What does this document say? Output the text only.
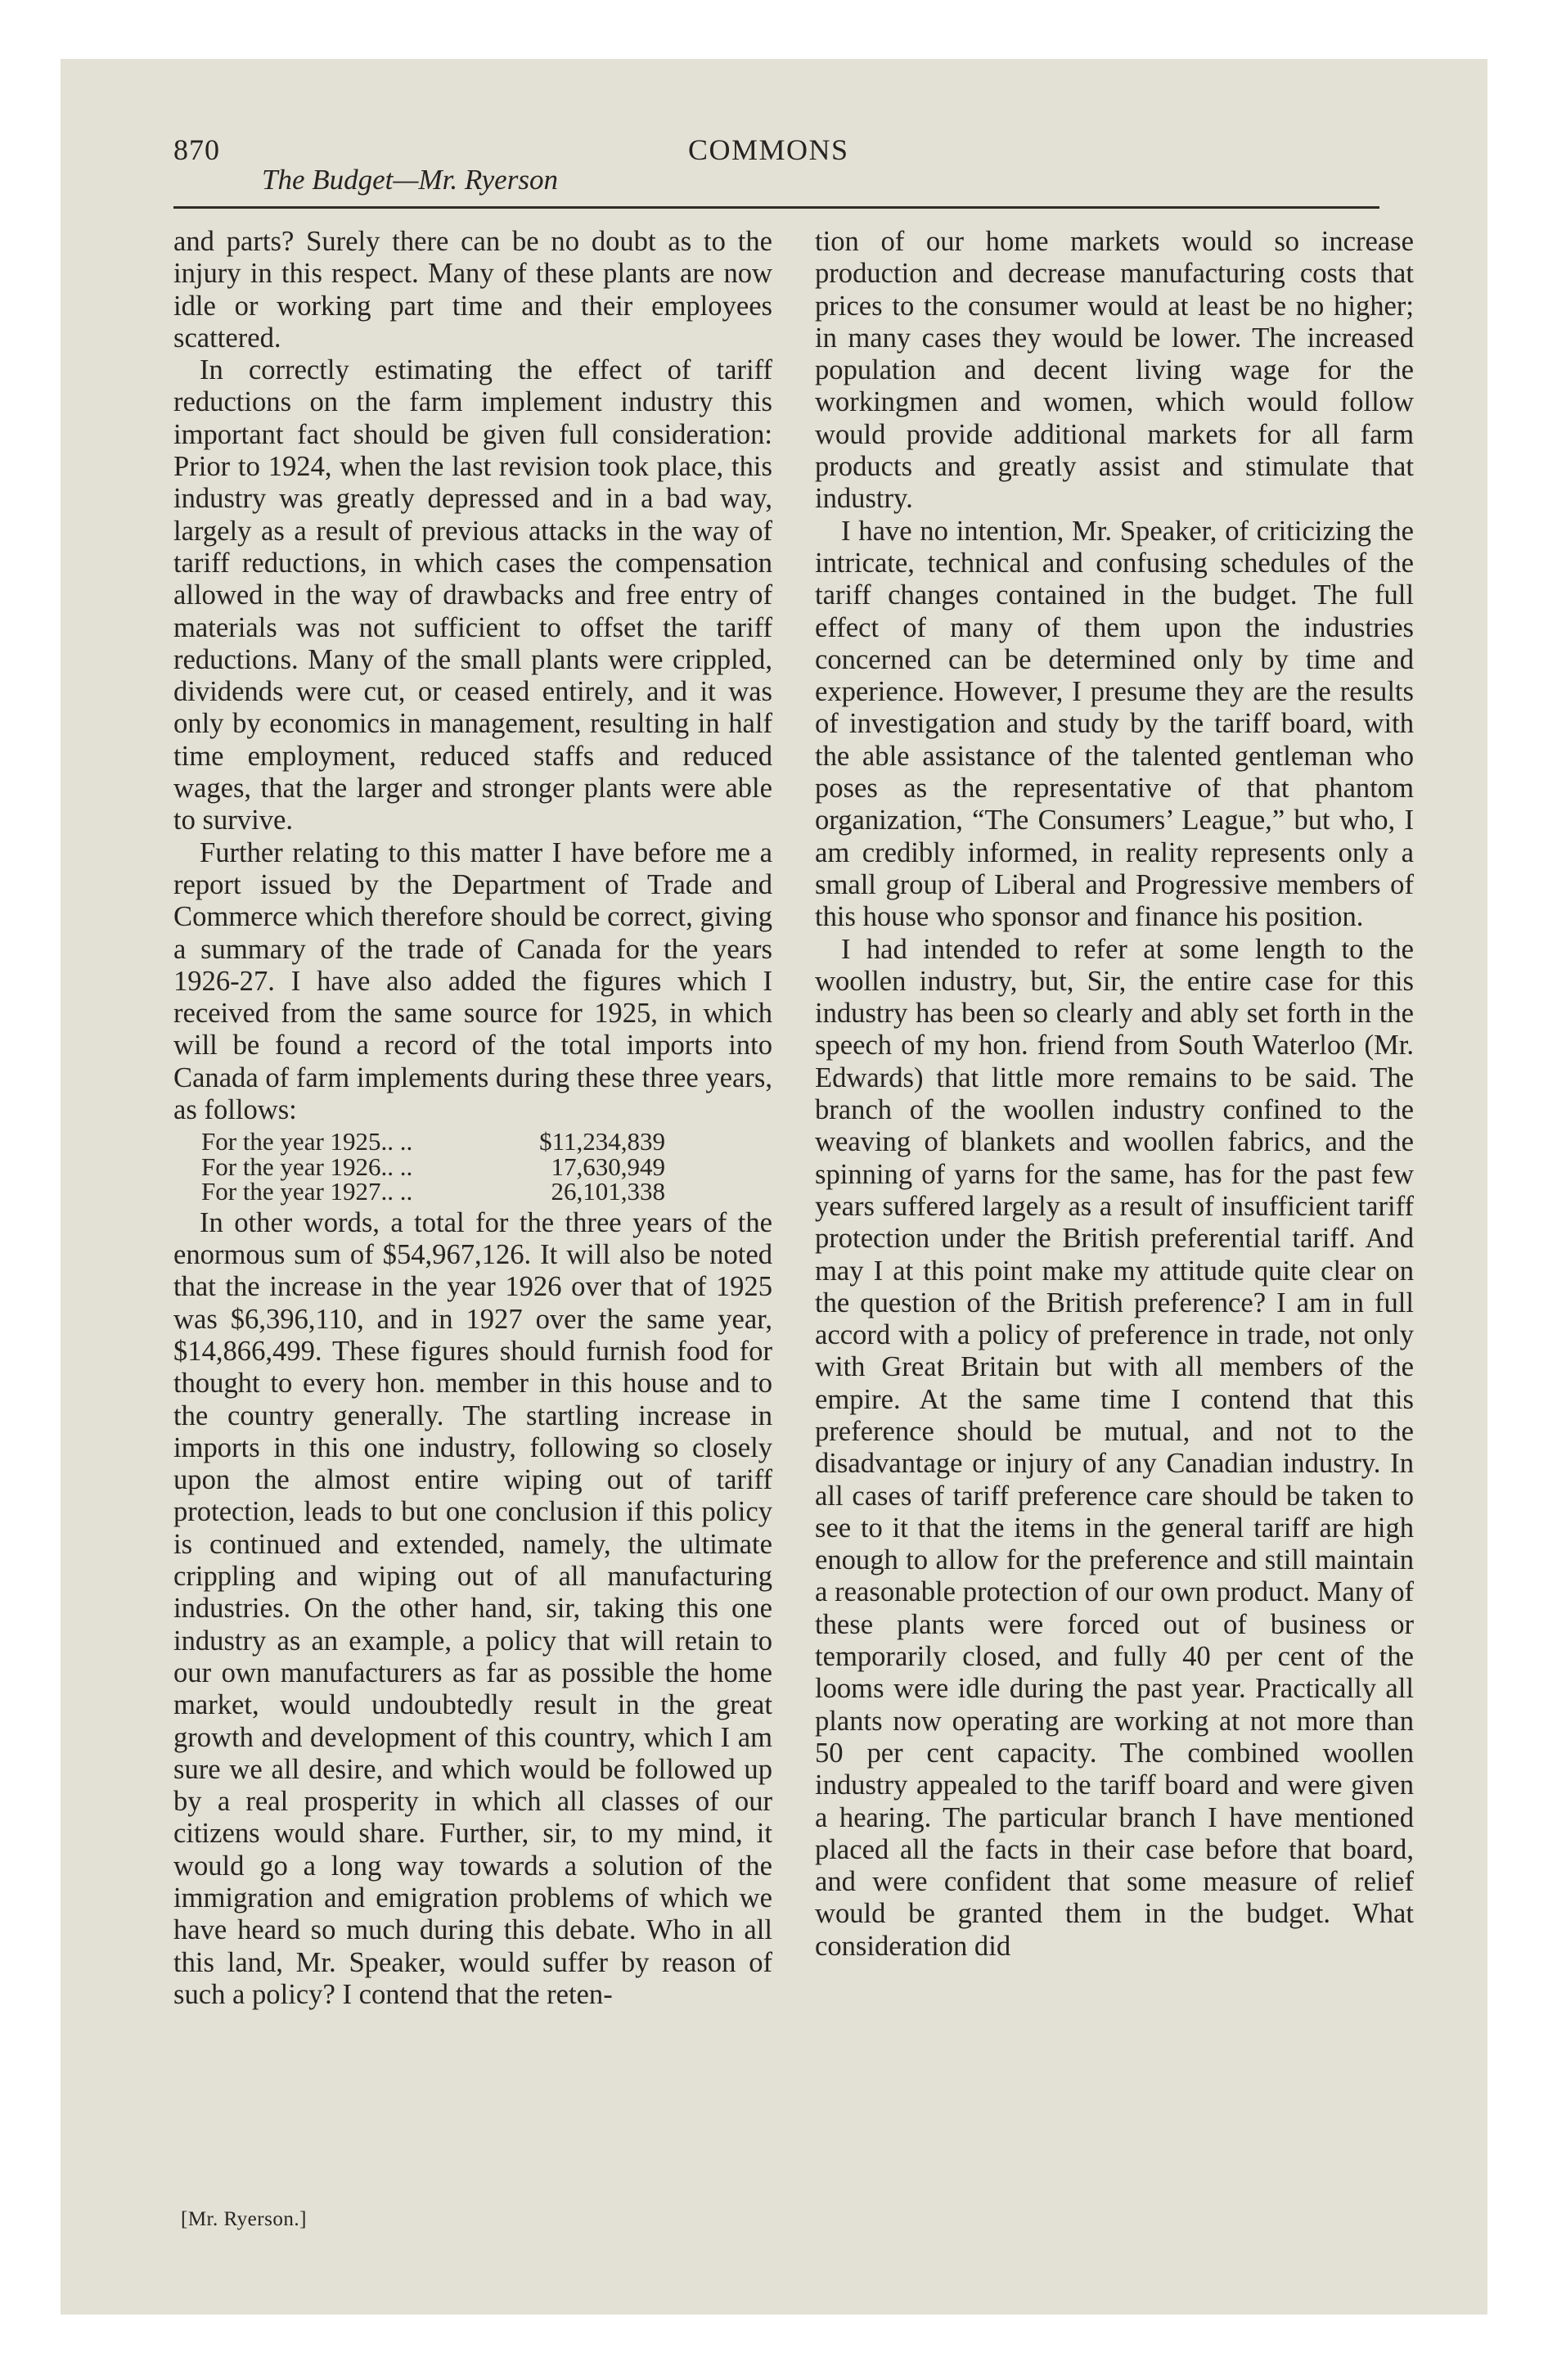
870	COMMONS
The Budget—Mr. Ryerson

and parts? Surely there can be no doubt as to the injury in this respect. Many of these plants are now idle or working part time and their employees scattered.

In correctly estimating the effect of tariff reductions on the farm implement industry this important fact should be given full consideration: Prior to 1924, when the last revision took place, this industry was greatly depressed and in a bad way, largely as a result of previous attacks in the way of tariff reductions, in which cases the compensation allowed in the way of drawbacks and free entry of materials was not sufficient to offset the tariff reductions. Many of the small plants were crippled, dividends were cut, or ceased entirely, and it was only by economics in management, resulting in half time employment, reduced staffs and reduced wages, that the larger and stronger plants were able to survive.

Further relating to this matter I have before me a report issued by the Department of Trade and Commerce which therefore should be correct, giving a summary of the trade of Canada for the years 1926-27. I have also added the figures which I received from the same source for 1925, in which will be found a record of the total imports into Canada of farm implements during these three years, as follows:

For the year 1925.. ..	$11,234,839
For the year 1926.. ..	17,630,949
For the year 1927.. ..	26,101,338

In other words, a total for the three years of the enormous sum of $54,967,126. It will also be noted that the increase in the year 1926 over that of 1925 was $6,396,110, and in 1927 over the same year, $14,866,499. These figures should furnish food for thought to every hon. member in this house and to the country generally. The startling increase in imports in this one industry, following so closely upon the almost entire wiping out of tariff protection, leads to but one conclusion if this policy is continued and extended, namely, the ultimate crippling and wiping out of all manufacturing industries. On the other hand, sir, taking this one industry as an example, a policy that will retain to our own manufacturers as far as possible the home market, would undoubtedly result in the great growth and development of this country, which I am sure we all desire, and which would be followed up by a real prosperity in which all classes of our citizens would share. Further, sir, to my mind, it would go a long way towards a solution of the immigration and emigration problems of which we have heard so much during this debate. Who in all this land, Mr. Speaker, would suffer by reason of such a policy? I contend that the reten-

tion of our home markets would so increase production and decrease manufacturing costs that prices to the consumer would at least be no higher; in many cases they would be lower. The increased population and decent living wage for the workingmen and women, which would follow would provide additional markets for all farm products and greatly assist and stimulate that industry.

I have no intention, Mr. Speaker, of criticizing the intricate, technical and confusing schedules of the tariff changes contained in the budget. The full effect of many of them upon the industries concerned can be determined only by time and experience. However, I presume they are the results of investigation and study by the tariff board, with the able assistance of the talented gentleman who poses as the representative of that phantom organization, “The Consumers’ League,” but who, I am credibly informed, in reality represents only a small group of Liberal and Progressive members of this house who sponsor and finance his position.

I had intended to refer at some length to the woollen industry, but, Sir, the entire case for this industry has been so clearly and ably set forth in the speech of my hon. friend from South Waterloo (Mr. Edwards) that little more remains to be said. The branch of the woollen industry confined to the weaving of blankets and woollen fabrics, and the spinning of yarns for the same, has for the past few years suffered largely as a result of insufficient tariff protection under the British preferential tariff. And may I at this point make my attitude quite clear on the question of the British preference? I am in full accord with a policy of preference in trade, not only with Great Britain but with all members of the empire. At the same time I contend that this preference should be mutual, and not to the disadvantage or injury of any Canadian industry. In all cases of tariff preference care should be taken to see to it that the items in the general tariff are high enough to allow for the preference and still maintain a reasonable protection of our own product. Many of these plants were forced out of business or temporarily closed, and fully 40 per cent of the looms were idle during the past year. Practically all plants now operating are working at not more than 50 per cent capacity. The combined woollen industry appealed to the tariff board and were given a hearing. The particular branch I have mentioned placed all the facts in their case before that board, and were confident that some measure of relief would be granted them in the budget. What consideration did

[Mr. Ryerson.]
